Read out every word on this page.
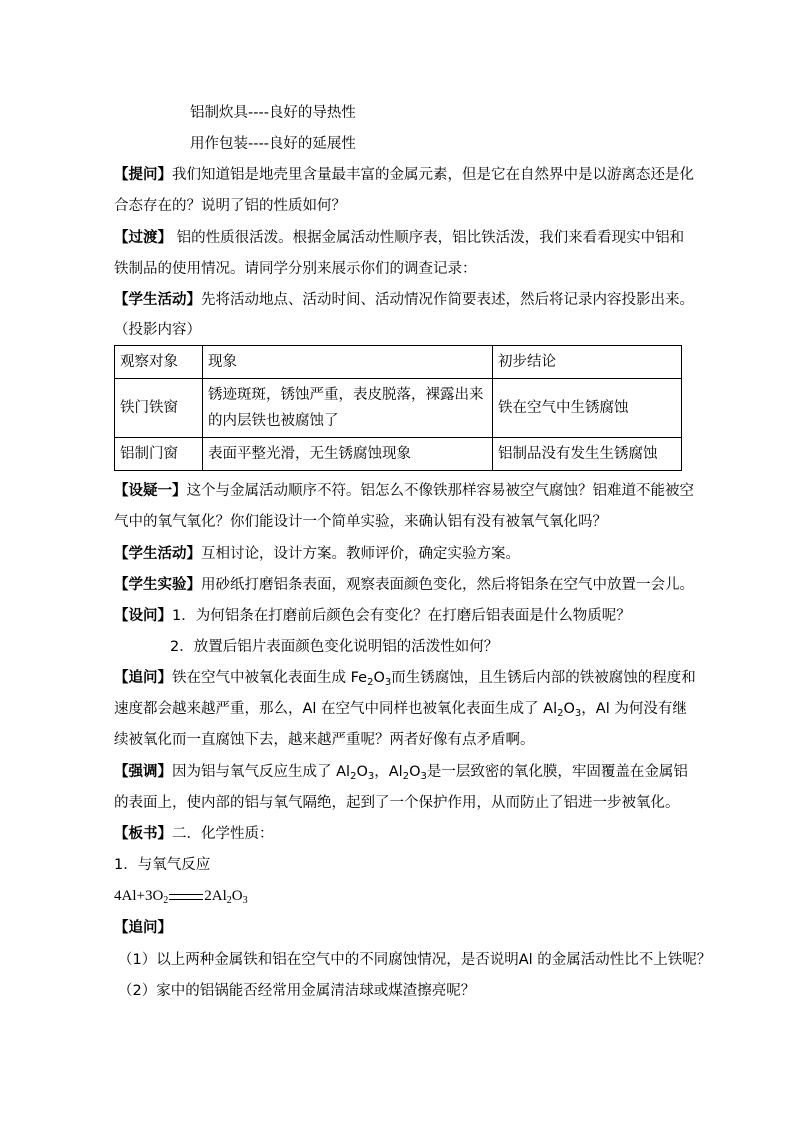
铝制炊具----良好的导热性
用作包装----良好的延展性
【提问】我们知道铝是地壳里含量最丰富的金属元素，但是它在自然界中是以游离态还是化
合态存在的？说明了铝的性质如何？
【过渡】 铝的性质很活泼。根据金属活动性顺序表，铝比铁活泼，我们来看看现实中铝和
铁制品的使用情况。请同学分别来展示你们的调查记录：
【学生活动】先将活动地点、活动时间、活动情况作简要表述，然后将记录内容投影出来。
（投影内容）
观察对象	现象	初步结论
铁门铁窗	锈迹斑斑，锈蚀严重，表皮脱落，裸露出来的内层铁也被腐蚀了	铁在空气中生锈腐蚀
铝制门窗	表面平整光滑，无生锈腐蚀现象	铝制品没有发生生锈腐蚀
【设疑一】这个与金属活动顺序不符。铝怎么不像铁那样容易被空气腐蚀？铝难道不能被空
气中的氧气氧化？你们能设计一个简单实验，来确认铝有没有被氧气氧化吗？
【学生活动】互相讨论，设计方案。教师评价，确定实验方案。
【学生实验】用砂纸打磨铝条表面，观察表面颜色变化，然后将铝条在空气中放置一会儿。
【设问】1．为何铝条在打磨前后颜色会有变化？在打磨后铝表面是什么物质呢？
2．放置后铝片表面颜色变化说明铝的活泼性如何？
【追问】铁在空气中被氧化表面生成 $Fe_2O_3$而生锈腐蚀，且生锈后内部的铁被腐蚀的程度和
速度都会越来越严重，那么，Al 在空气中同样也被氧化表面生成了 $Al_2O_3$，Al 为何没有继
续被氧化而一直腐蚀下去，越来越严重呢？两者好像有点矛盾啊。
【强调】因为铝与氧气反应生成了 $Al_2O_3$，$Al_2O_3$是一层致密的氧化膜，牢固覆盖在金属铝
的表面上，使内部的铝与氧气隔绝，起到了一个保护作用，从而防止了铝进一步被氧化。
【板书】二．化学性质：
1．与氧气反应
$4Al+3O_2$ $2Al_2O_3$
【追问】
（1）以上两种金属铁和铝在空气中的不同腐蚀情况，是否说明Al 的金属活动性比不上铁呢？
（2）家中的铝锅能否经常用金属清洁球或煤渣擦亮呢？
